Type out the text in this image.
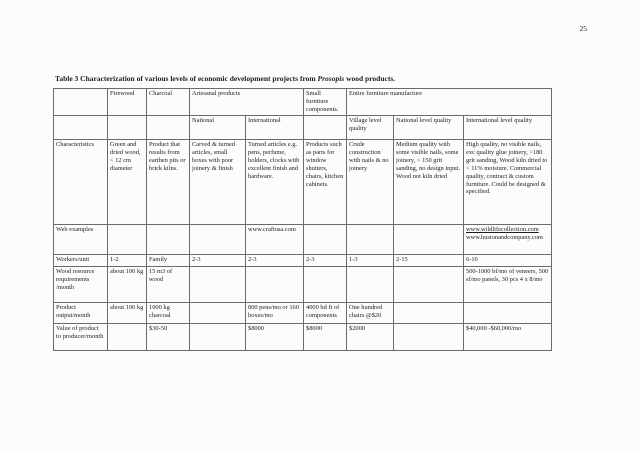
25
Table 3 Characterization of various levels of economic development projects from Prosopis wood products.
	Firewood	Charcoal	Artesanal products		Small furniture components.	Entire furniture manufacture		
			National	International		Village level quality	National level quality	International level quality
Characteristics	Green and dried wood, < 12 cm diameter	Product that results from earthen pits or brick kilns.	Carved & turned articles, small boxes with poor joinery & finish	Turned articles e.g. pens, perfume, holders, clocks with excellent finish and hardware.	Products such as parts for window shutters, chairs, kitchen cabinets.	Crude construction with nails & no joinery	Medium quality with some visible nails, some joinery, < 150 grit sanding, no design input. Wood not kiln dried	High quality, no visible nails, exc quality glue joinery, >180 grit sanding, Wood kiln dried to < 11% moisture. Commercial quality, contract & custom furniture. Could be designed & specified.
Web examples				www.craftusa.com				www.wildlifecollection.com
www.hustonandcompany.com

Workers/unit	1-2	Family	2-3	2-3	2-3	1-3	2-15	6-10
Wood resource requirements /month	about 100 kg	15 m3 of wood						500-1000 bf/mo of veneers, 500 sf/mo panels, 30 pcs 4 x 8/mo
Product output/month	about 100 kg	1000 kg charcoal		800 pens/mo or 160 boxes/mo	4000 bd ft of components	One hundred chairs @$20		
Value of product to producer/month		$30-50		$8000	$8000	$2000		$40,000 -$60,000/mo
